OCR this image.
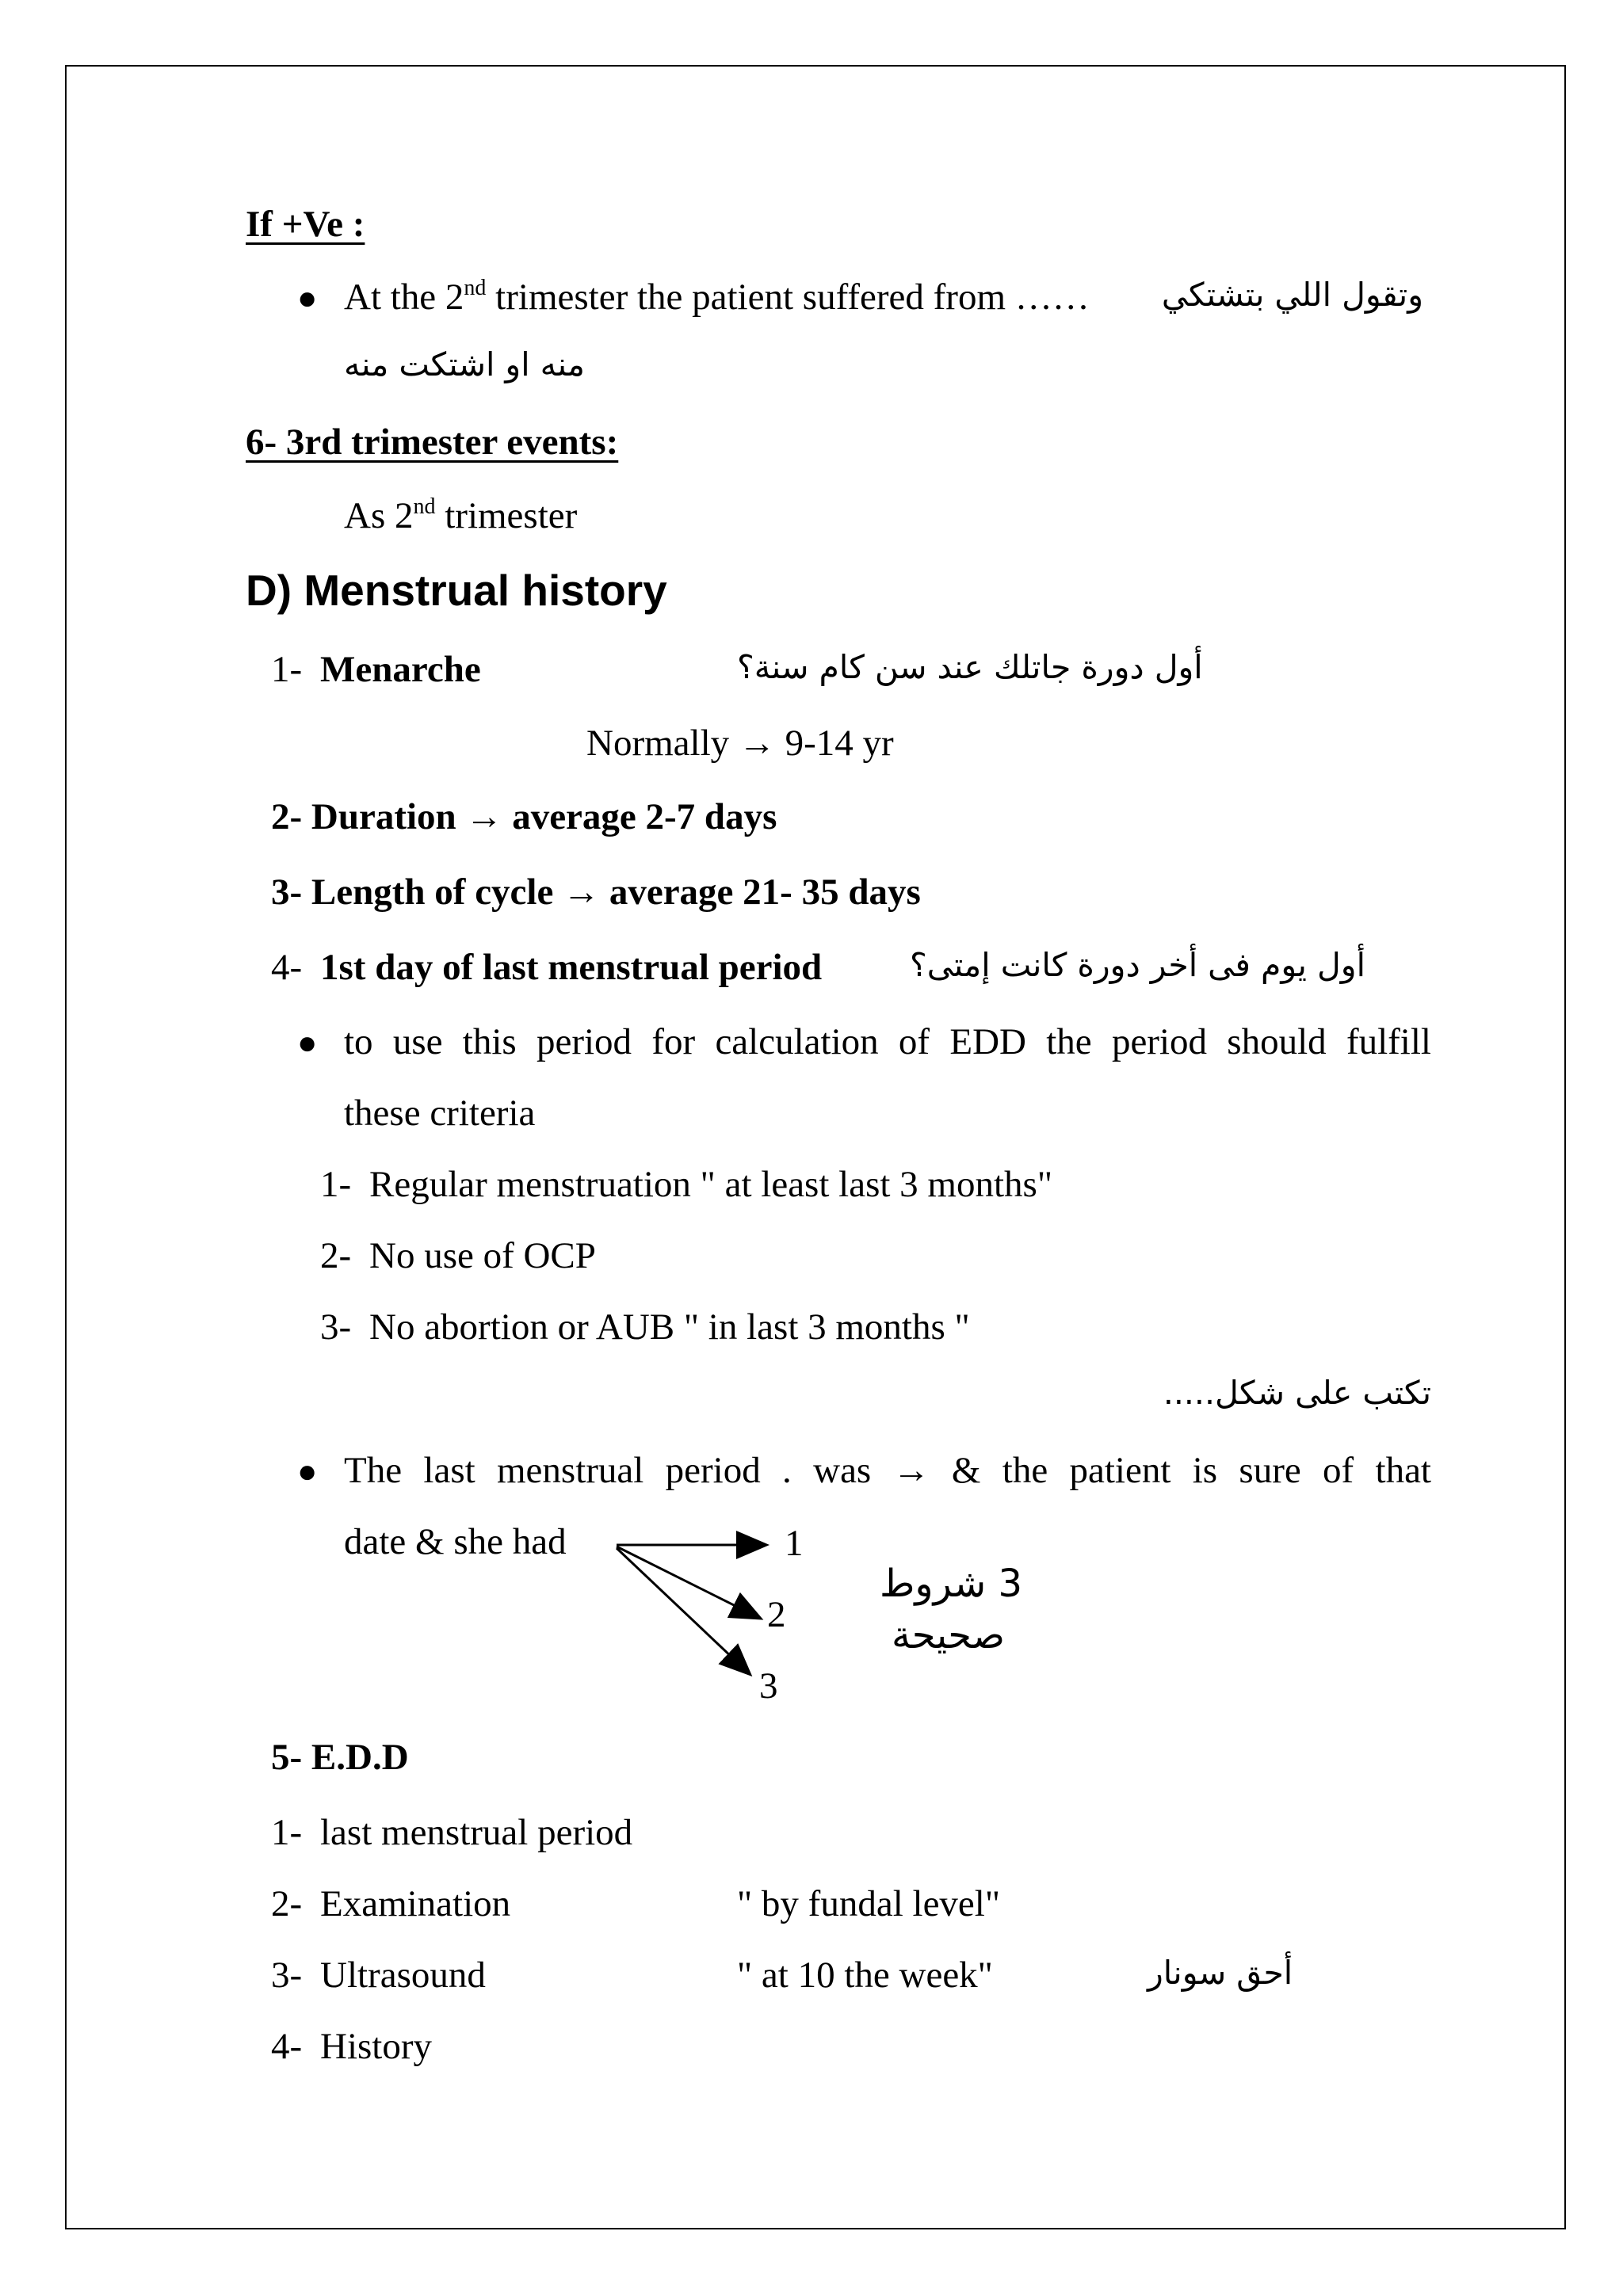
If +Ve :
● At the 2nd trimester the patient suffered from …… وتقول اللي بتشتكي
منه او اشتكت منه
6- 3rd trimester events:
As 2nd trimester
D) Menstrual history
1- Menarche	أول دورة جاتلك عند سن كام سنة؟
Normally → 9-14 yr
2- Duration → average 2-7 days
3- Length of cycle → average 21- 35 days
4- 1st day of last menstrual period	أول يوم فى أخر دورة كانت إمتى؟
● to use this period for calculation of EDD the period should fulfill
these criteria
1- Regular menstruation " at least last 3 months"
2- No use of OCP
3- No abortion or AUB " in last 3 months "
تكتب على شكل.....
● The last menstrual period . was → & the patient is sure of that
date & she had	1
2
3
3 شروط
صحيحة
5- E.D.D
1- last menstrual period
2- Examination	" by fundal level"
3- Ultrasound	" at 10 the week"	أحق سونار
4- History
